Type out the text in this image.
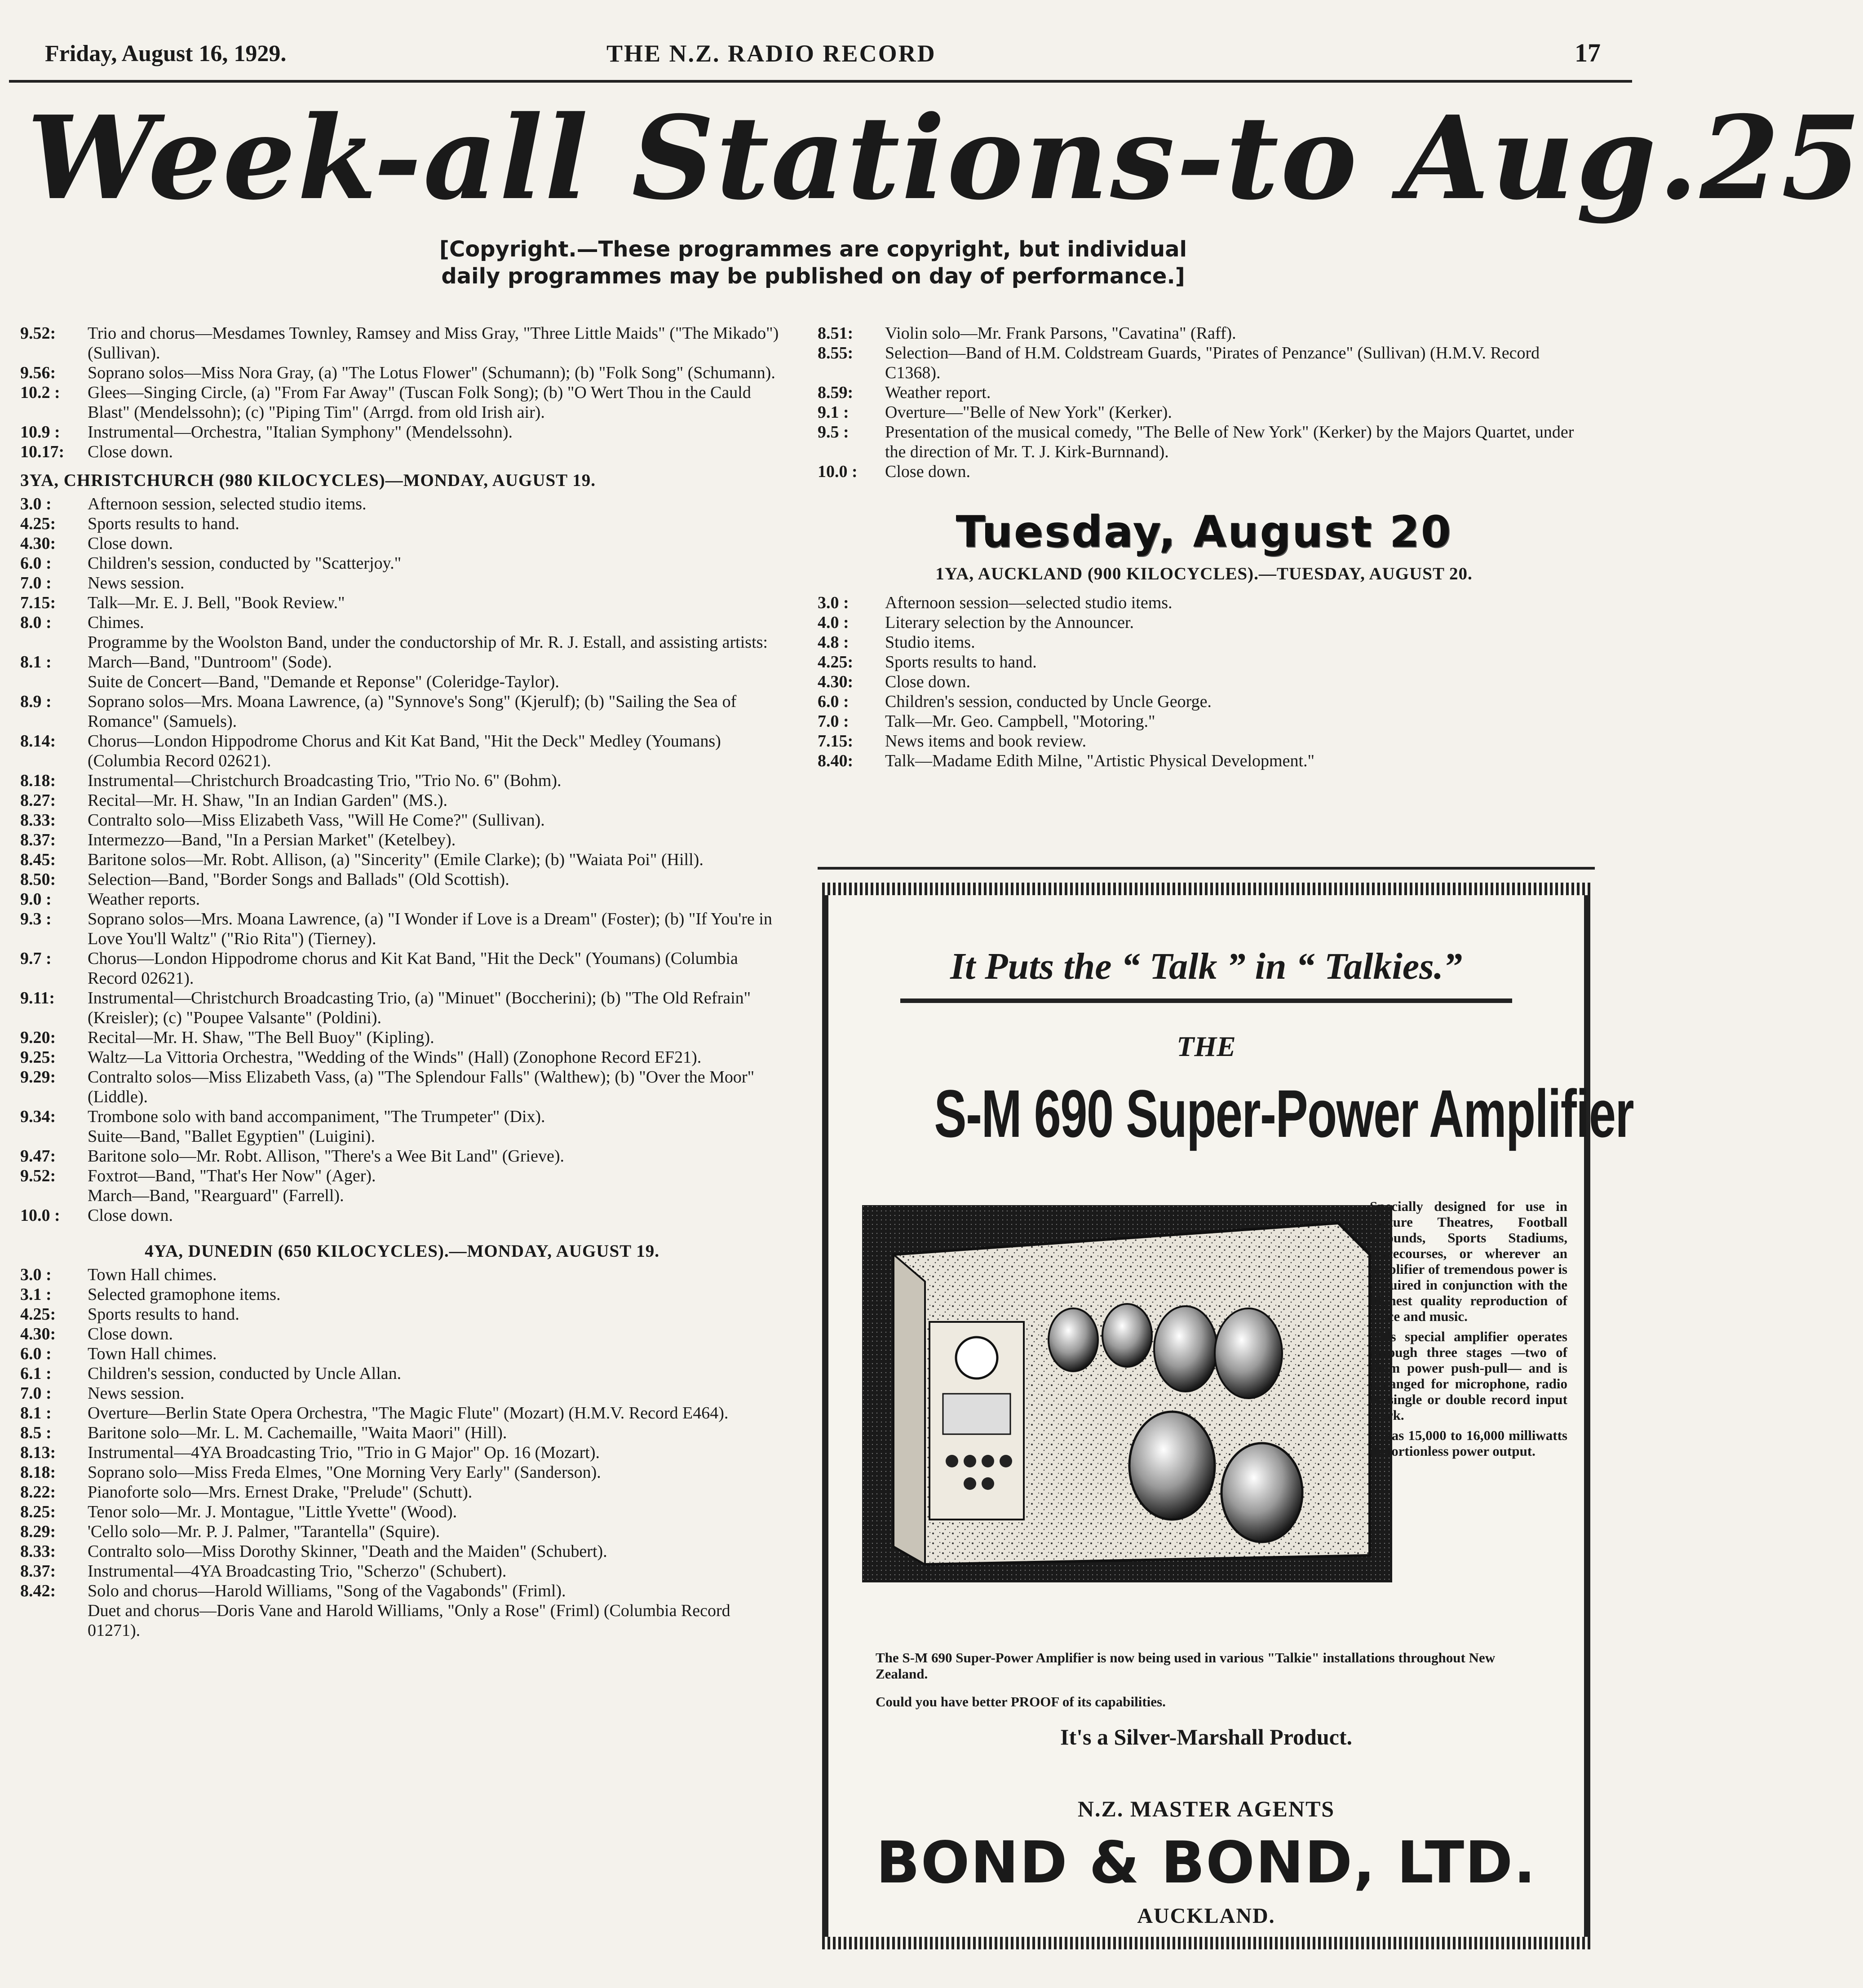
Friday, August 16, 1929.	THE N.Z. RADIO RECORD	17
Week-all Stations-to Aug.25
[Copyright.—These programmes are copyright, but individual
daily programmes may be published on day of performance.]
9.52:	Trio and chorus—Mesdames Townley, Ramsey and Miss Gray, "Three Little Maids" ("The Mikado") (Sullivan).
9.56:	Soprano solos—Miss Nora Gray, (a) "The Lotus Flower" (Schumann); (b) "Folk Song" (Schumann).
10.2 :	Glees—Singing Circle, (a) "From Far Away" (Tuscan Folk Song); (b) "O Wert Thou in the Cauld Blast" (Mendelssohn); (c) "Piping Tim" (Arrgd. from old Irish air).
10.9 :	Instrumental—Orchestra, "Italian Symphony" (Mendelssohn).
10.17:	Close down.
3YA, CHRISTCHURCH (980 KILOCYCLES)—MONDAY, AUGUST 19.
3.0 :	Afternoon session, selected studio items.
4.25:	Sports results to hand.
4.30:	Close down.
6.0 :	Children's session, conducted by "Scatterjoy."
7.0 :	News session.
7.15:	Talk—Mr. E. J. Bell, "Book Review."
8.0 :	Chimes.
Programme by the Woolston Band, under the conductorship of Mr. R. J. Estall, and assisting artists:
8.1 :	March—Band, "Duntroom" (Sode).
Suite de Concert—Band, "Demande et Reponse" (Coleridge-Taylor).
8.9 :	Soprano solos—Mrs. Moana Lawrence, (a) "Synnove's Song" (Kjerulf); (b) "Sailing the Sea of Romance" (Samuels).
8.14:	Chorus—London Hippodrome Chorus and Kit Kat Band, "Hit the Deck" Medley (Youmans) (Columbia Record 02621).
8.18:	Instrumental—Christchurch Broadcasting Trio, "Trio No. 6" (Bohm).
8.27:	Recital—Mr. H. Shaw, "In an Indian Garden" (MS.).
8.33:	Contralto solo—Miss Elizabeth Vass, "Will He Come?" (Sullivan).
8.37:	Intermezzo—Band, "In a Persian Market" (Ketelbey).
8.45:	Baritone solos—Mr. Robt. Allison, (a) "Sincerity" (Emile Clarke); (b) "Waiata Poi" (Hill).
8.50:	Selection—Band, "Border Songs and Ballads" (Old Scottish).
9.0 :	Weather reports.
9.3 :	Soprano solos—Mrs. Moana Lawrence, (a) "I Wonder if Love is a Dream" (Foster); (b) "If You're in Love You'll Waltz" ("Rio Rita") (Tierney).
9.7 :	Chorus—London Hippodrome chorus and Kit Kat Band, "Hit the Deck" (Youmans) (Columbia Record 02621).
9.11:	Instrumental—Christchurch Broadcasting Trio, (a) "Minuet" (Boccherini); (b) "The Old Refrain" (Kreisler); (c) "Poupee Valsante" (Poldini).
9.20:	Recital—Mr. H. Shaw, "The Bell Buoy" (Kipling).
9.25:	Waltz—La Vittoria Orchestra, "Wedding of the Winds" (Hall) (Zonophone Record EF21).
9.29:	Contralto solos—Miss Elizabeth Vass, (a) "The Splendour Falls" (Walthew); (b) "Over the Moor" (Liddle).
9.34:	Trombone solo with band accompaniment, "The Trumpeter" (Dix).
Suite—Band, "Ballet Egyptien" (Luigini).
9.47:	Baritone solo—Mr. Robt. Allison, "There's a Wee Bit Land" (Grieve).
9.52:	Foxtrot—Band, "That's Her Now" (Ager).
March—Band, "Rearguard" (Farrell).
10.0 :	Close down.
4YA, DUNEDIN (650 KILOCYCLES).—MONDAY, AUGUST 19.
3.0 :	Town Hall chimes.
3.1 :	Selected gramophone items.
4.25:	Sports results to hand.
4.30:	Close down.
6.0 :	Town Hall chimes.
6.1 :	Children's session, conducted by Uncle Allan.
7.0 :	News session.
8.1 :	Overture—Berlin State Opera Orchestra, "The Magic Flute" (Mozart) (H.M.V. Record E464).
8.5 :	Baritone solo—Mr. L. M. Cachemaille, "Waita Maori" (Hill).
8.13:	Instrumental—4YA Broadcasting Trio, "Trio in G Major" Op. 16 (Mozart).
8.18:	Soprano solo—Miss Freda Elmes, "One Morning Very Early" (Sanderson).
8.22:	Pianoforte solo—Mrs. Ernest Drake, "Prelude" (Schutt).
8.25:	Tenor solo—Mr. J. Montague, "Little Yvette" (Wood).
8.29:	'Cello solo—Mr. P. J. Palmer, "Tarantella" (Squire).
8.33:	Contralto solo—Miss Dorothy Skinner, "Death and the Maiden" (Schubert).
8.37:	Instrumental—4YA Broadcasting Trio, "Scherzo" (Schubert).
8.42:	Solo and chorus—Harold Williams, "Song of the Vagabonds" (Friml).
Duet and chorus—Doris Vane and Harold Williams, "Only a Rose" (Friml) (Columbia Record 01271).
8.51:	Violin solo—Mr. Frank Parsons, "Cavatina" (Raff).
8.55:	Selection—Band of H.M. Coldstream Guards, "Pirates of Penzance" (Sullivan) (H.M.V. Record C1368).
8.59:	Weather report.
9.1 :	Overture—"Belle of New York" (Kerker).
9.5 :	Presentation of the musical comedy, "The Belle of New York" (Kerker) by the Majors Quartet, under the direction of Mr. T. J. Kirk-Burnnand).
10.0 :	Close down.
Tuesday, August 20
1YA, AUCKLAND (900 KILOCYCLES).—TUESDAY, AUGUST 20.
3.0 :	Afternoon session—selected studio items.
4.0 :	Literary selection by the Announcer.
4.8 :	Studio items.
4.25:	Sports results to hand.
4.30:	Close down.
6.0 :	Children's session, conducted by Uncle George.
7.0 :	Talk—Mr. Geo. Campbell, "Motoring."
7.15:	News items and book review.
8.40:	Talk—Madame Edith Milne, "Artistic Physical Development."
It Puts the “ Talk ” in “ Talkies.”
THE
S-M 690 Super-Power Amplifier

Specially designed for use in Picture Theatres, Football Grounds, Sports Stadiums, Racecourses, or wherever an amplifier of tremendous power is required in conjunction with the highest quality reproduction of voice and music.

This special amplifier operates through three stages —two of them power push-pull— and is arranged for microphone, radio or single or double record input work.

It has 15,000 to 16,000 milliwatts distortionless power output.

The S-M 690 Super-Power Amplifier is now being used in various "Talkie" installations throughout New Zealand.

Could you have better PROOF of its capabilities.

It's a Silver-Marshall Product.
N.Z. MASTER AGENTS
BOND & BOND, LTD.
AUCKLAND.
